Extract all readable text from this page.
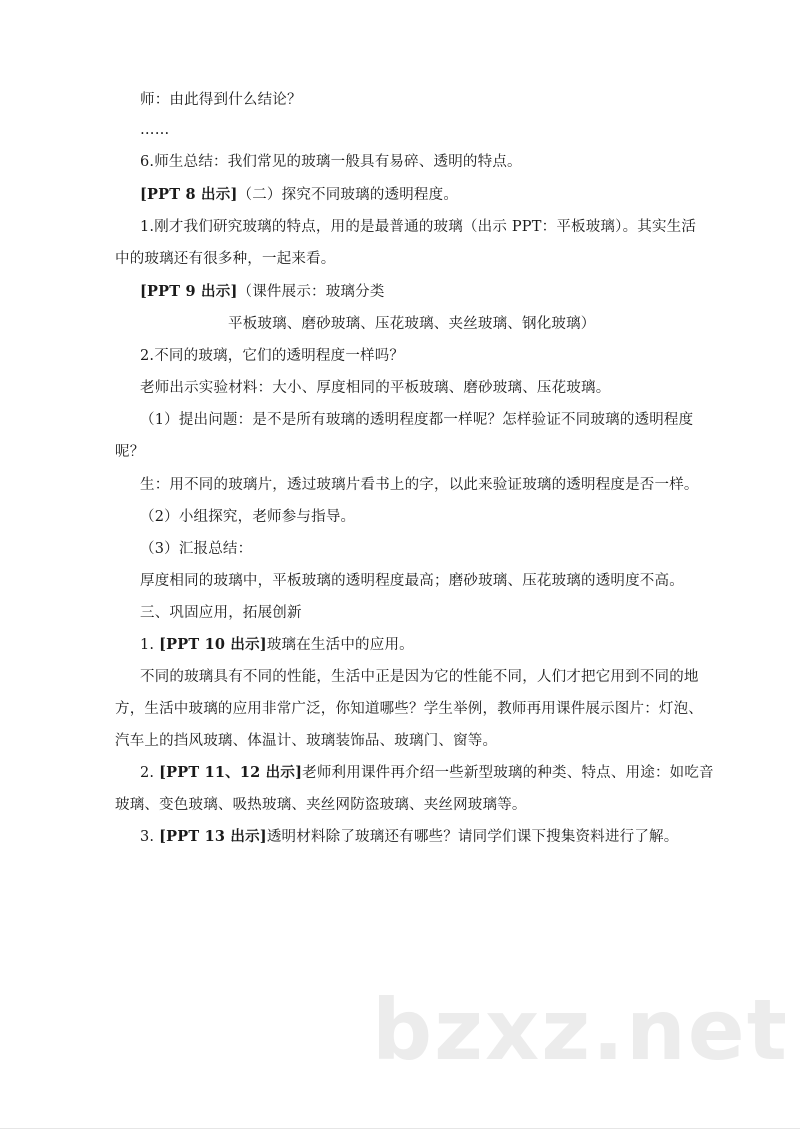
师：由此得到什么结论？
……
6.师生总结：我们常见的玻璃一般具有易碎、透明的特点。
[PPT 8 出示]（二）探究不同玻璃的透明程度。
1.刚才我们研究玻璃的特点，用的是最普通的玻璃（出示 PPT：平板玻璃）。其实生活
中的玻璃还有很多种，一起来看。
[PPT 9 出示]（课件展示：玻璃分类
平板玻璃、磨砂玻璃、压花玻璃、夹丝玻璃、钢化玻璃）
2.不同的玻璃，它们的透明程度一样吗？
老师出示实验材料：大小、厚度相同的平板玻璃、磨砂玻璃、压花玻璃。
（1）提出问题：是不是所有玻璃的透明程度都一样呢？怎样验证不同玻璃的透明程度
呢？
生：用不同的玻璃片，透过玻璃片看书上的字，以此来验证玻璃的透明程度是否一样。
（2）小组探究，老师参与指导。
（3）汇报总结：
厚度相同的玻璃中，平板玻璃的透明程度最高；磨砂玻璃、压花玻璃的透明度不高。
三、巩固应用，拓展创新
1. [PPT 10 出示]玻璃在生活中的应用。
不同的玻璃具有不同的性能，生活中正是因为它的性能不同，人们才把它用到不同的地
方，生活中玻璃的应用非常广泛，你知道哪些？学生举例，教师再用课件展示图片：灯泡、
汽车上的挡风玻璃、体温计、玻璃装饰品、玻璃门、窗等。
2. [PPT 11、12 出示]老师利用课件再介绍一些新型玻璃的种类、特点、用途：如吃音
玻璃、变色玻璃、吸热玻璃、夹丝网防盗玻璃、夹丝网玻璃等。
3. [PPT 13 出示]透明材料除了玻璃还有哪些？请同学们课下搜集资料进行了解。
bzxz.net
